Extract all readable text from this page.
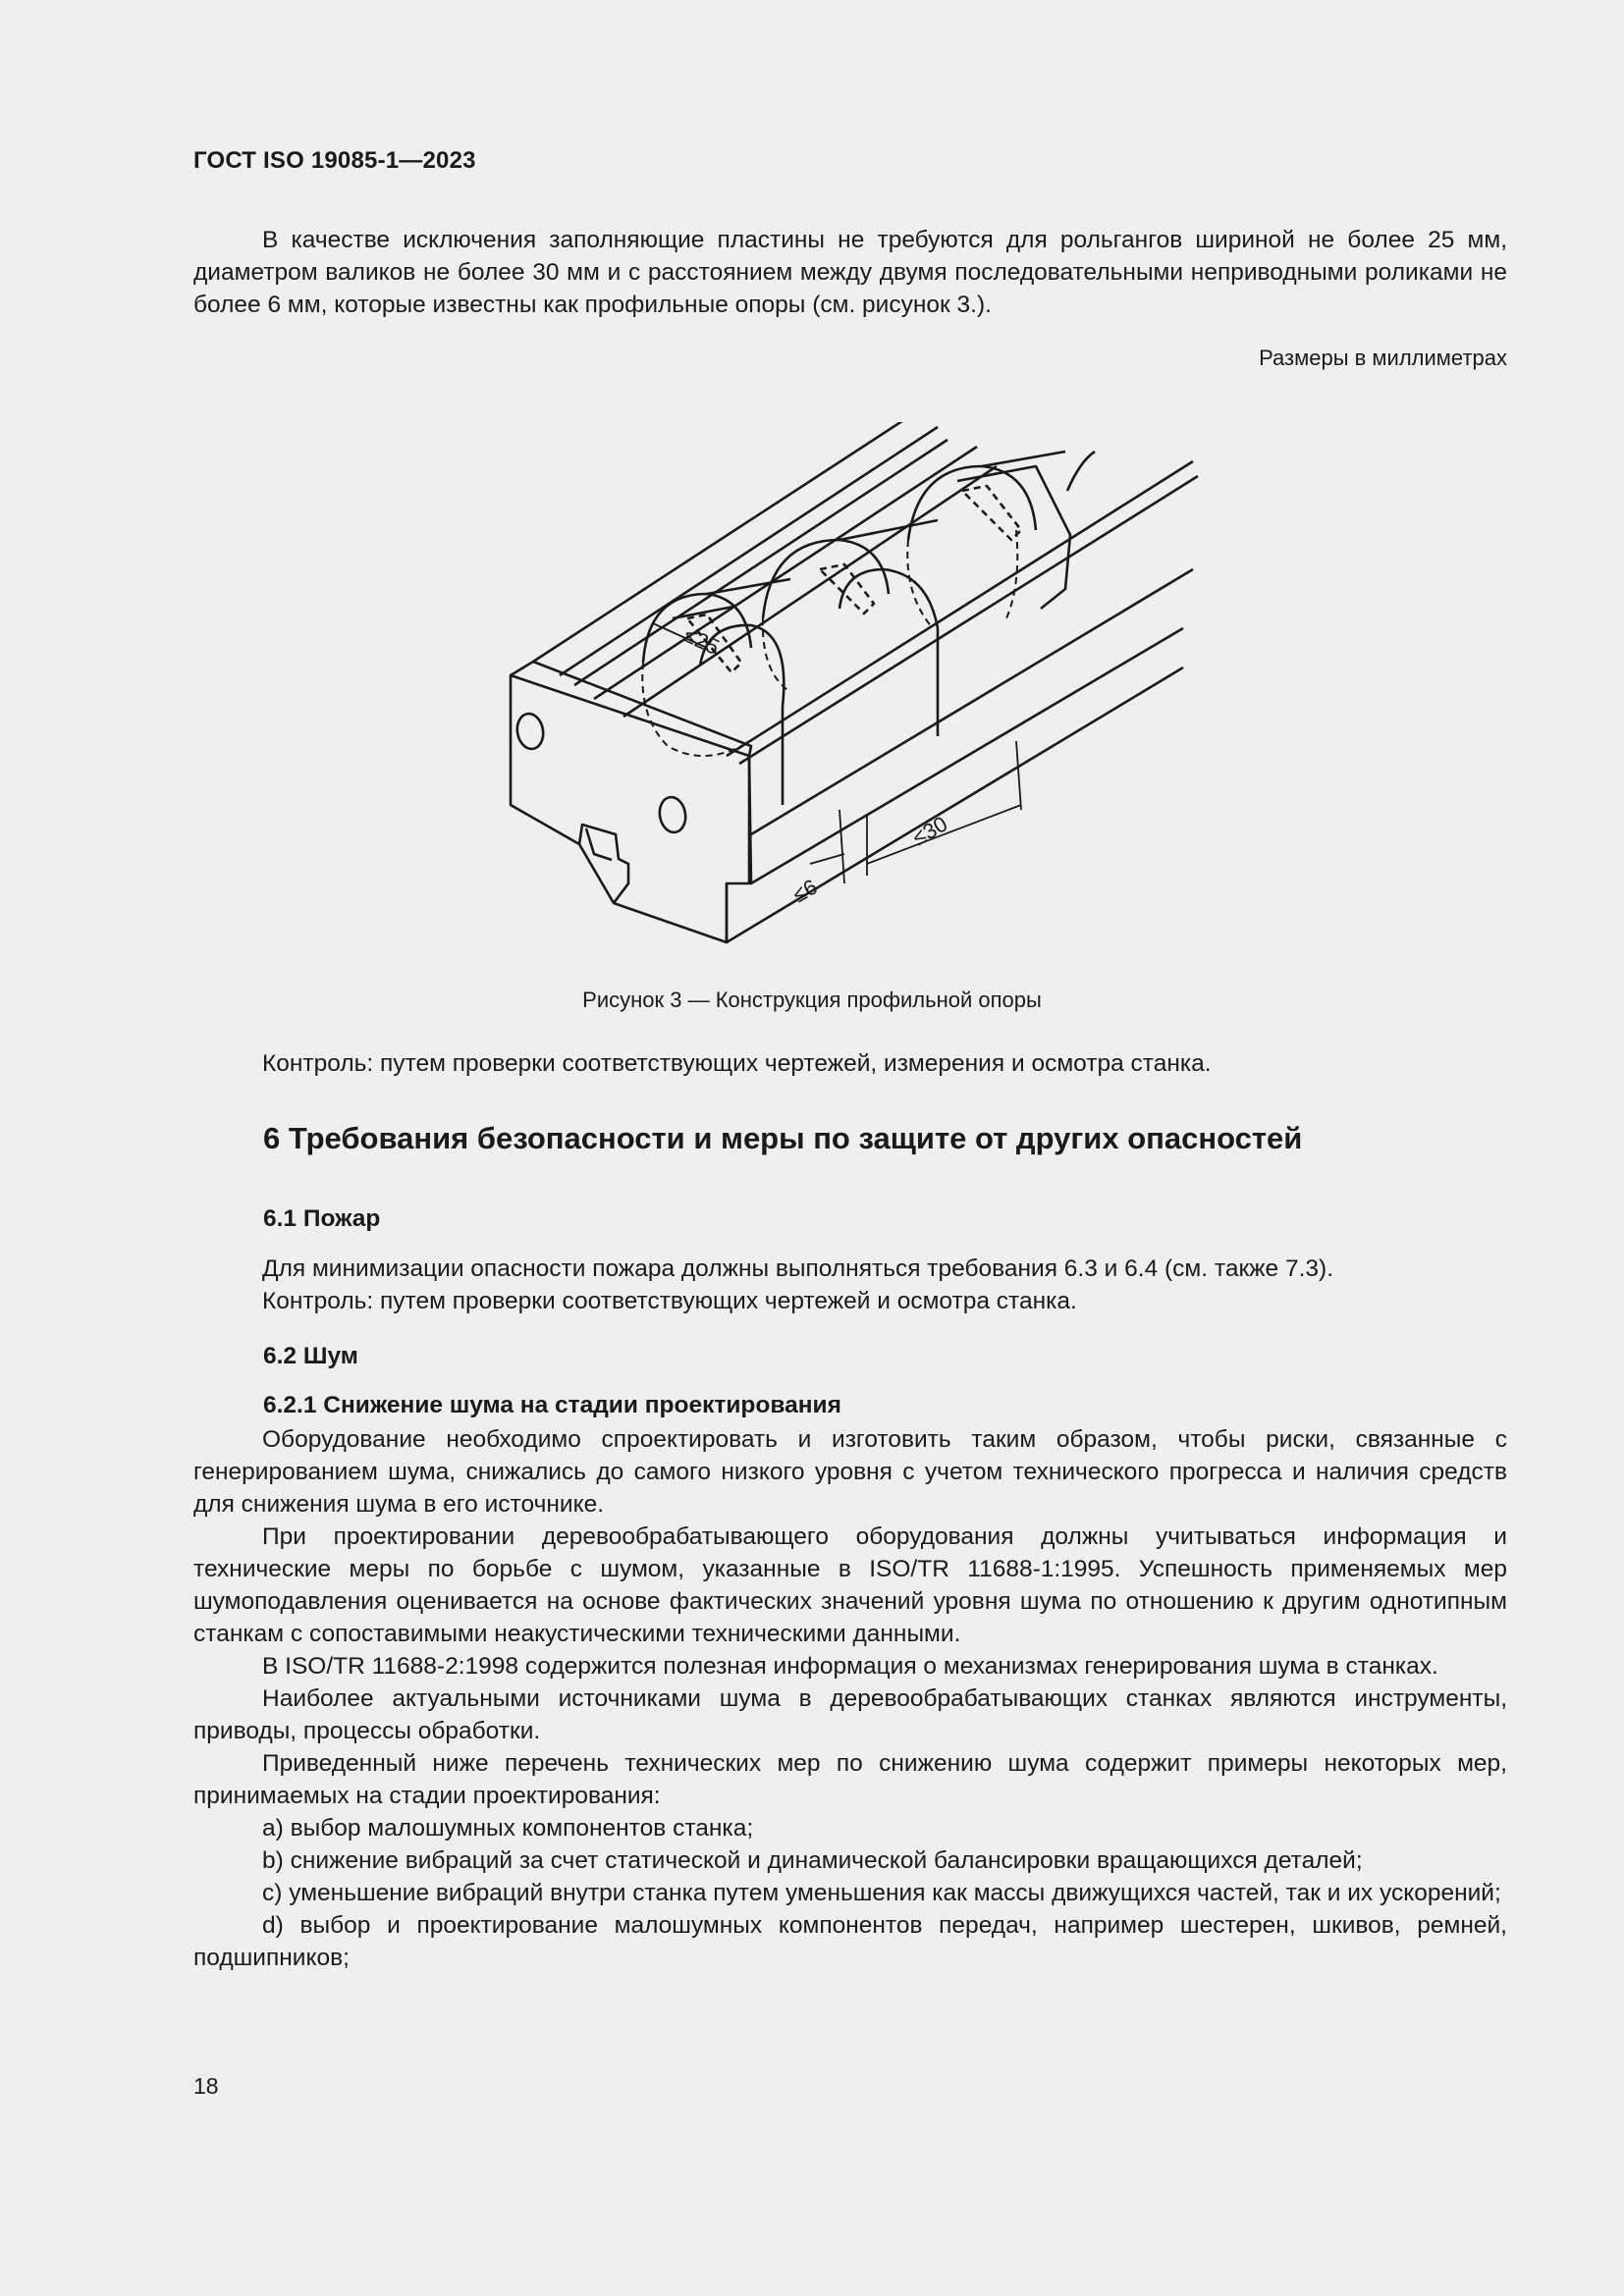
ГОСТ ISO 19085-1—2023

В качестве исключения заполняющие пластины не требуются для рольгангов шириной не более 25 мм, диаметром валиков не более 30 мм и с расстоянием между двумя последовательными неприводными роликами не более 6 мм, которые известны как профильные опоры (см. рисунок 3.).

Размеры в миллиметрах
≤25
≤6
≤30
Рисунок 3 — Конструкция профильной опоры

Контроль: путем проверки соответствующих чертежей, измерения и осмотра станка.

6 Требования безопасности и меры по защите от других опасностей
6.1 Пожар

Для минимизации опасности пожара должны выполняться требования 6.3 и 6.4 (см. также 7.3).

Контроль: путем проверки соответствующих чертежей и осмотра станка.

6.2 Шум
6.2.1 Снижение шума на стадии проектирования

Оборудование необходимо спроектировать и изготовить таким образом, чтобы риски, связанные с генерированием шума, снижались до самого низкого уровня с учетом технического прогресса и наличия средств для снижения шума в его источнике.

При проектировании деревообрабатывающего оборудования должны учитываться информация и технические меры по борьбе с шумом, указанные в ISO/TR 11688-1:1995. Успешность применяемых мер шумоподавления оценивается на основе фактических значений уровня шума по отношению к другим однотипным станкам с сопоставимыми неакустическими техническими данными.

В ISO/TR 11688-2:1998 содержится полезная информация о механизмах генерирования шума в станках.

Наиболее актуальными источниками шума в деревообрабатывающих станках являются инструменты, приводы, процессы обработки.

Приведенный ниже перечень технических мер по снижению шума содержит примеры некоторых мер, принимаемых на стадии проектирования:

a) выбор малошумных компонентов станка;

b) снижение вибраций за счет статической и динамической балансировки вращающихся деталей;

c) уменьшение вибраций внутри станка путем уменьшения как массы движущихся частей, так и их ускорений;

d) выбор и проектирование малошумных компонентов передач, например шестерен, шкивов, ремней, подшипников;

18
